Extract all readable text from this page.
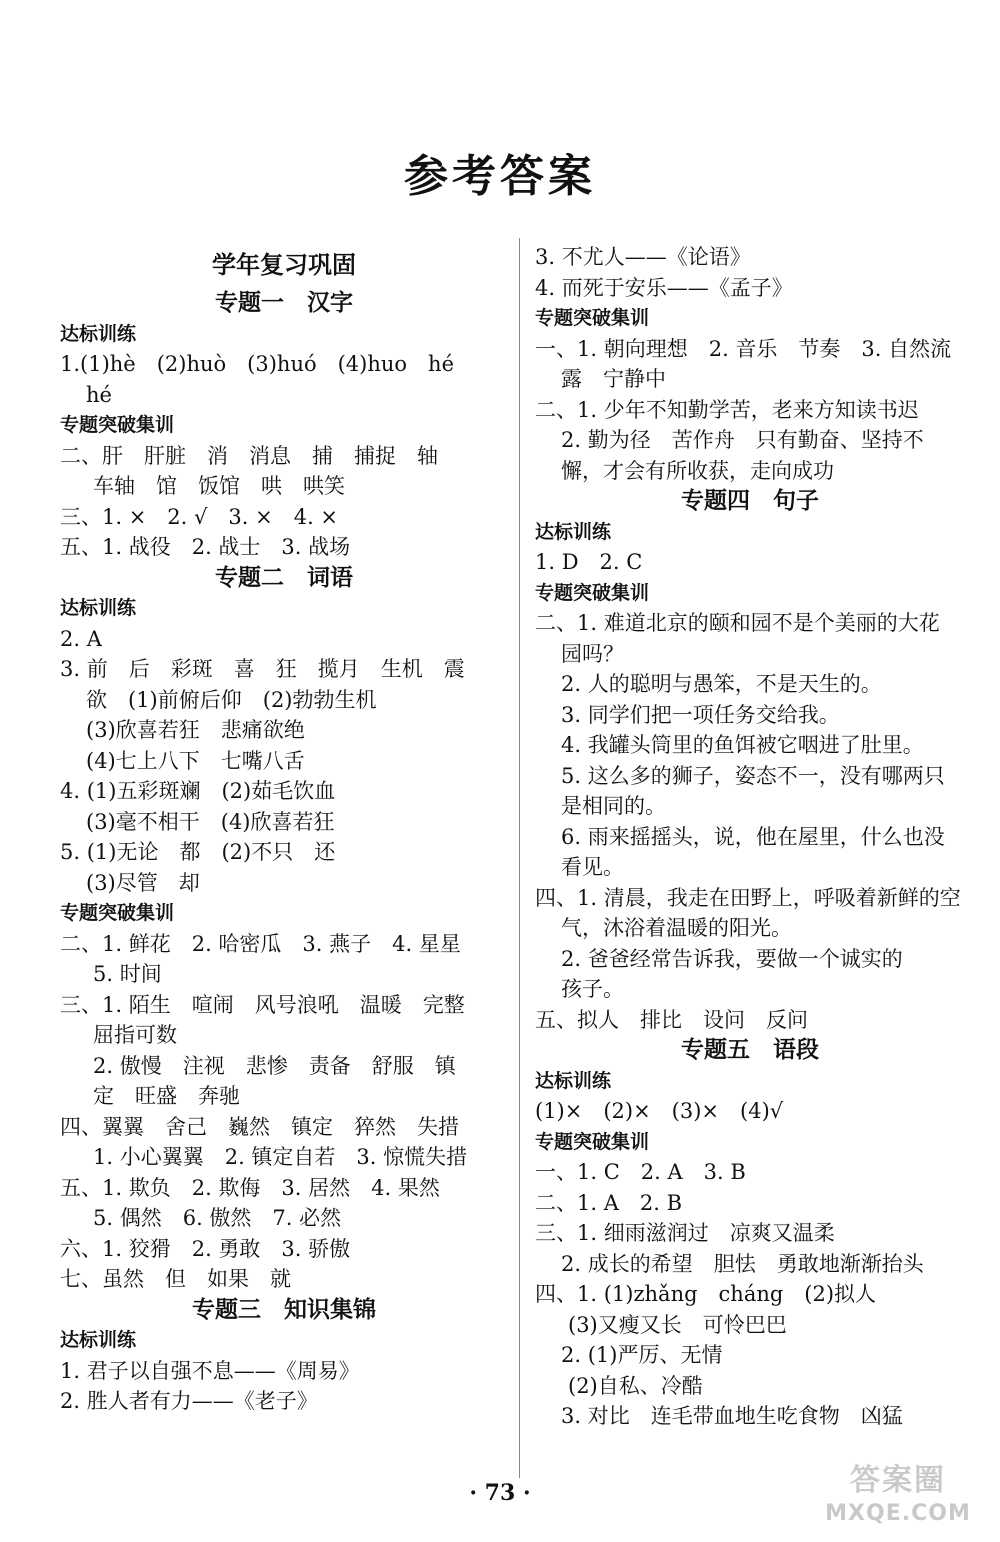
参考答案
学年复习巩固
专题一　汉字
达标训练
1.(1)hè　(2)huò　(3)huó　(4)huo　hé
hé
专题突破集训
二、肝　肝脏　消　消息　捕　捕捉　轴
车轴　馆　饭馆　哄　哄笑
三、1. ×　2. √　3. ×　4. ×
五、1. 战役　2. 战士　3. 战场
专题二　词语
达标训练
2. A
3. 前　后　彩斑　喜　狂　揽月　生机　震
欲　(1)前俯后仰　(2)勃勃生机
(3)欣喜若狂　悲痛欲绝
(4)七上八下　七嘴八舌
4. (1)五彩斑斓　(2)茹毛饮血
(3)毫不相干　(4)欣喜若狂
5. (1)无论　都　(2)不只　还
(3)尽管　却
专题突破集训
二、1. 鲜花　2. 哈密瓜　3. 燕子　4. 星星
5. 时间
三、1. 陌生　喧闹　风号浪吼　温暖　完整
屈指可数
2. 傲慢　注视　悲惨　责备　舒服　镇
定　旺盛　奔驰
四、翼翼　舍己　巍然　镇定　猝然　失措
1. 小心翼翼　2. 镇定自若　3. 惊慌失措
五、1. 欺负　2. 欺侮　3. 居然　4. 果然
5. 偶然　6. 傲然　7. 必然
六、1. 狡猾　2. 勇敢　3. 骄傲
七、虽然　但　如果　就
专题三　知识集锦
达标训练
1. 君子以自强不息——《周易》
2. 胜人者有力——《老子》
3. 不尤人——《论语》
4. 而死于安乐——《孟子》
专题突破集训
一、1. 朝向理想　2. 音乐　节奏　3. 自然流
露　宁静中
二、1. 少年不知勤学苦，老来方知读书迟
2. 勤为径　苦作舟　只有勤奋、坚持不
懈，才会有所收获，走向成功
专题四　句子
达标训练
1. D　2. C
专题突破集训
二、1. 难道北京的颐和园不是个美丽的大花
园吗？
2. 人的聪明与愚笨，不是天生的。
3. 同学们把一项任务交给我。
4. 我罐头筒里的鱼饵被它咽进了肚里。
5. 这么多的狮子，姿态不一，没有哪两只
是相同的。
6. 雨来摇摇头，说，他在屋里，什么也没
看见。
四、1. 清晨，我走在田野上，呼吸着新鲜的空
气，沐浴着温暖的阳光。
2. 爸爸经常告诉我，要做一个诚实的
孩子。
五、拟人　排比　设问　反问
专题五　语段
达标训练
(1)×　(2)×　(3)×　(4)√
专题突破集训
一、1. C　2. A　3. B
二、1. A　2. B
三、1. 细雨滋润过　凉爽又温柔
2. 成长的希望　胆怯　勇敢地渐渐抬头
四、1. (1)zhǎng　cháng　(2)拟人
(3)又瘦又长　可怜巴巴
2. (1)严厉、无情
(2)自私、冷酷
3. 对比　连毛带血地生吃食物　凶猛
· 73 ·	答案圈
MXQE.COM
